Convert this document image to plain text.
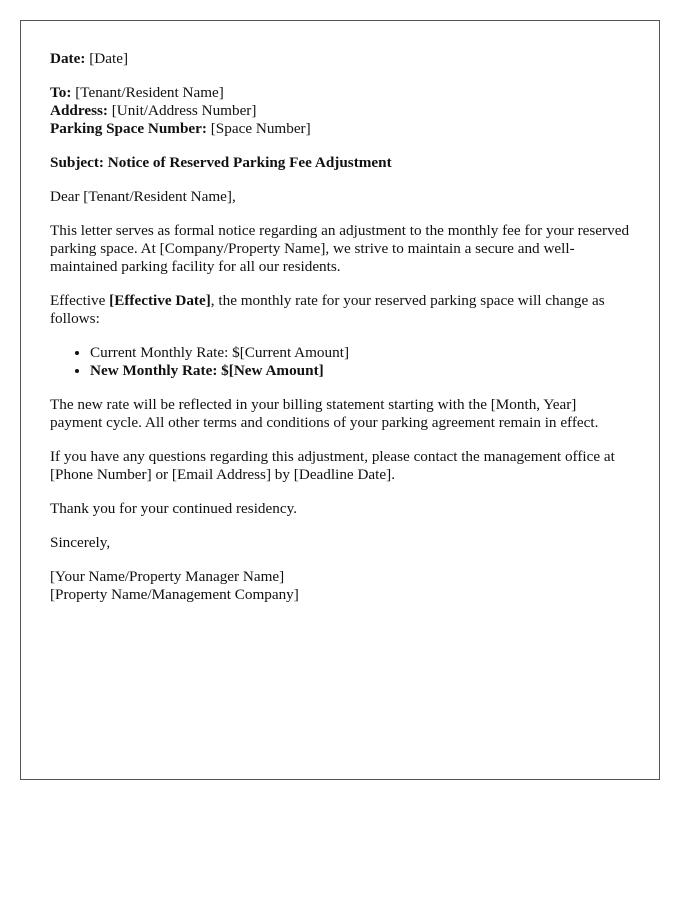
Date: [Date]
To: [Tenant/Resident Name]
Address: [Unit/Address Number]
Parking Space Number: [Space Number]
Subject: Notice of Reserved Parking Fee Adjustment
Dear [Tenant/Resident Name],
This letter serves as formal notice regarding an adjustment to the monthly fee for your reserved parking space. At [Company/Property Name], we strive to maintain a secure and well-maintained parking facility for all our residents.
Effective [Effective Date], the monthly rate for your reserved parking space will change as follows:
• Current Monthly Rate: $[Current Amount]
• New Monthly Rate: $[New Amount]
The new rate will be reflected in your billing statement starting with the [Month, Year] payment cycle. All other terms and conditions of your parking agreement remain in effect.
If you have any questions regarding this adjustment, please contact the management office at [Phone Number] or [Email Address] by [Deadline Date].
Thank you for your continued residency.
Sincerely,
[Your Name/Property Manager Name]
[Property Name/Management Company]
